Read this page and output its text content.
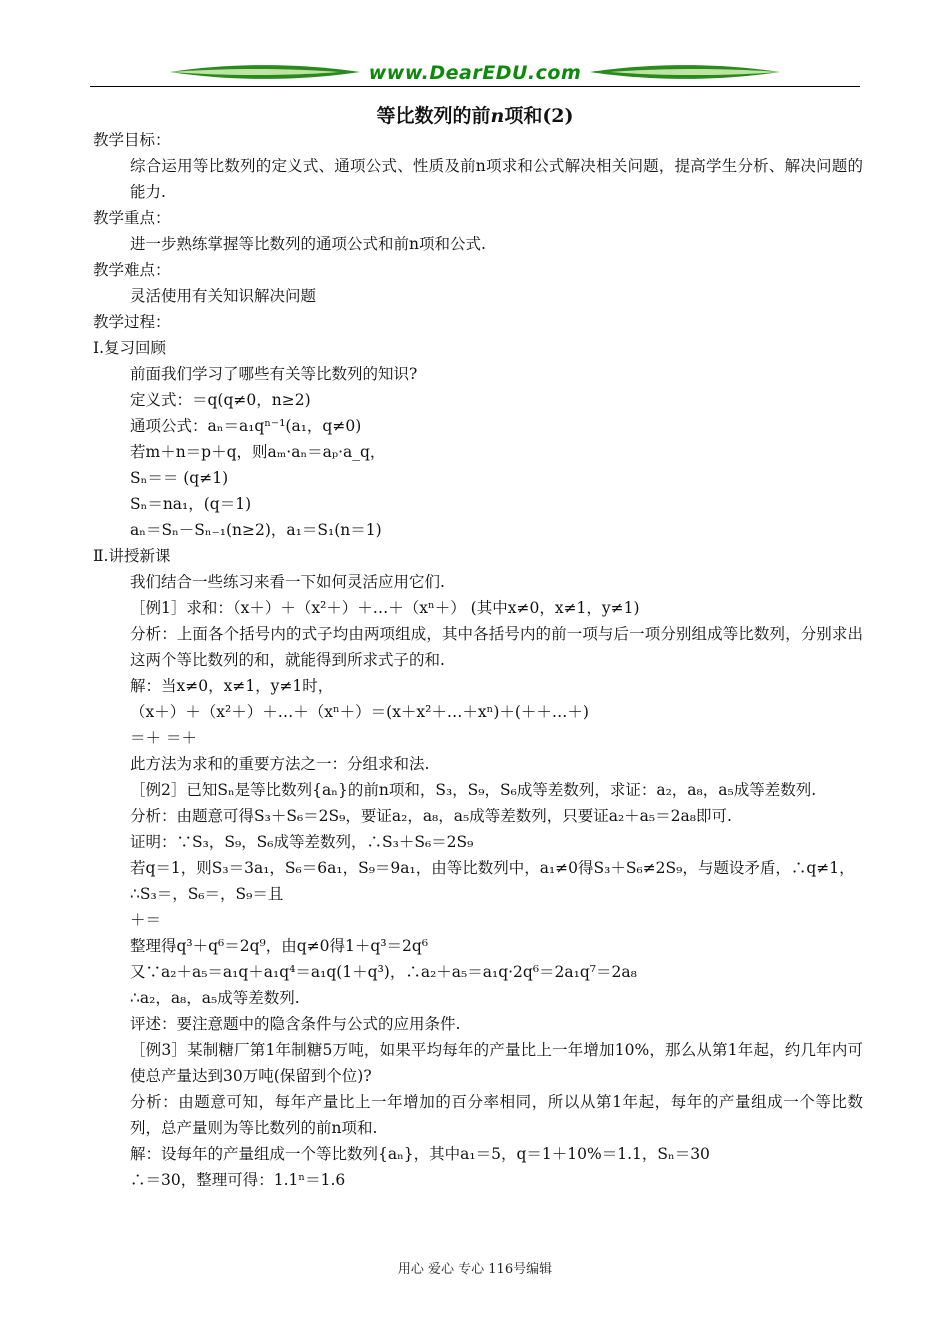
www.DearEDU.com
等比数列的前n项和(2)
教学目标：
综合运用等比数列的定义式、通项公式、性质及前n项求和公式解决相关问题，提高学生分析、解决问题的能力.
教学重点：
进一步熟练掌握等比数列的通项公式和前n项和公式.
教学难点：
灵活使用有关知识解决问题
教学过程：
Ⅰ.复习回顾
前面我们学习了哪些有关等比数列的知识?
定义式：＝q(q≠0，n≥2)
通项公式：aₙ＝a₁qⁿ⁻¹(a₁，q≠0)
若m＋n＝p＋q，则aₘ·aₙ＝aₚ·a_q，
Sₙ＝＝ (q≠1)
Sₙ＝na₁，(q＝1)
aₙ＝Sₙ－Sₙ₋₁(n≥2)，a₁＝S₁(n＝1)
Ⅱ.讲授新课
我们结合一些练习来看一下如何灵活应用它们.
［例1］求和：（x＋）＋（x²＋）＋…＋（xⁿ＋） (其中x≠0，x≠1，y≠1)
分析：上面各个括号内的式子均由两项组成，其中各括号内的前一项与后一项分别组成等比数列，分别求出这两个等比数列的和，就能得到所求式子的和.
解：当x≠0，x≠1，y≠1时，
（x＋）＋（x²＋）＋…＋（xⁿ＋）＝(x＋x²＋…＋xⁿ)＋(＋＋…＋)
＝＋ ＝＋
此方法为求和的重要方法之一：分组求和法.
［例2］已知Sₙ是等比数列{aₙ}的前n项和，S₃，S₉，S₆成等差数列，求证：a₂，a₈，a₅成等差数列.
分析：由题意可得S₃＋S₆＝2S₉，要证a₂，a₈，a₅成等差数列，只要证a₂＋a₅＝2a₈即可.
证明：∵S₃，S₉，S₆成等差数列，∴S₃＋S₆＝2S₉
若q＝1，则S₃＝3a₁，S₆＝6a₁，S₉＝9a₁，由等比数列中，a₁≠0得S₃＋S₆≠2S₉，与题设矛盾，∴q≠1，
∴S₃＝，S₆＝，S₉＝且
＋＝
整理得q³＋q⁶＝2q⁹，由q≠0得1＋q³＝2q⁶
又∵a₂＋a₅＝a₁q＋a₁q⁴＝a₁q(1＋q³)，∴a₂＋a₅＝a₁q·2q⁶＝2a₁q⁷＝2a₈
∴a₂，a₈，a₅成等差数列.
评述：要注意题中的隐含条件与公式的应用条件.
［例3］某制糖厂第1年制糖5万吨，如果平均每年的产量比上一年增加10%，那么从第1年起，约几年内可使总产量达到30万吨(保留到个位)?
分析：由题意可知，每年产量比上一年增加的百分率相同，所以从第1年起，每年的产量组成一个等比数列，总产量则为等比数列的前n项和.
解：设每年的产量组成一个等比数列{aₙ}，其中a₁＝5，q＝1＋10%＝1.1，Sₙ＝30
∴＝30，整理可得：1.1ⁿ＝1.6
用心 爱心 专心 116号编辑
